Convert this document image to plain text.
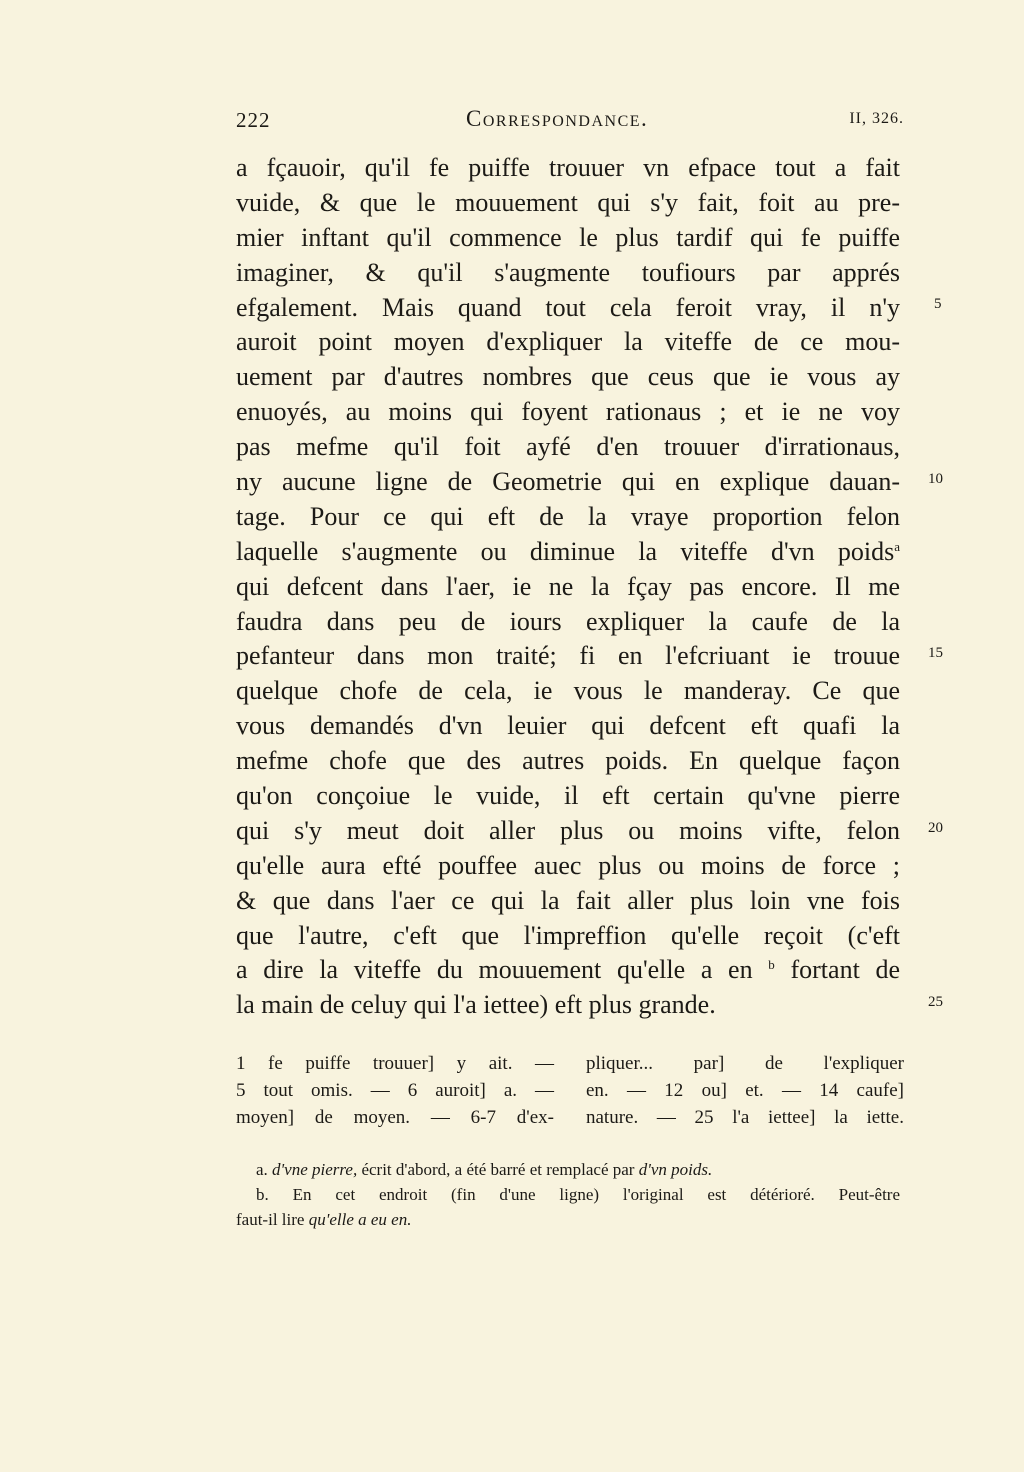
222	Correspondance.	II, 326.
a fçauoir, qu'il fe puiffe trouuer vn efpace tout a fait
vuide, & que le mouuement qui s'y fait, foit au pre-
mier inftant qu'il commence le plus tardif qui fe puiffe
imaginer, & qu'il s'augmente toufiours par apprés
efgalement. Mais quand tout cela feroit vray, il n'y
auroit point moyen d'expliquer la viteffe de ce mou-
uement par d'autres nombres que ceus que ie vous ay
enuoyés, au moins qui foyent rationaus ; et ie ne voy
pas mefme qu'il foit ayfé d'en trouuer d'irrationaus,
ny aucune ligne de Geometrie qui en explique dauan-
tage. Pour ce qui eft de la vraye proportion felon
laquelle s'augmente ou diminue la viteffe d'vn poids$^a$
qui defcent dans l'aer, ie ne la fçay pas encore. Il me
faudra dans peu de iours expliquer la caufe de la
pefanteur dans mon traité; fi en l'efcriuant ie trouue
quelque chofe de cela, ie vous le manderay. Ce que
vous demandés d'vn leuier qui defcent eft quafi la
mefme chofe que des autres poids. En quelque façon
qu'on conçoiue le vuide, il eft certain qu'vne pierre
qui s'y meut doit aller plus ou moins vifte, felon
qu'elle aura efté pouffee auec plus ou moins de force ;
& que dans l'aer ce qui la fait aller plus loin vne fois
que l'autre, c'eft que l'impreffion qu'elle reçoit (c'eft
a dire la viteffe du mouuement qu'elle a en $^b$ fortant de
la main de celuy qui l'a iettee) eft plus grande.
5
10
15
20
25
1 fe puiffe trouuer] y ait. —
5 tout omis. — 6 auroit] a. —
moyen] de moyen. — 6-7 d'ex-
pliquer... par] de l'expliquer
en. — 12 ou] et. — 14 caufe]
nature. — 25 l'a iettee] la iette.
a. d'vne pierre, écrit d'abord, a été barré et remplacé par d'vn poids.
b. En cet endroit (fin d'une ligne) l'original est détérioré. Peut-être
faut-il lire qu'elle a eu en.
